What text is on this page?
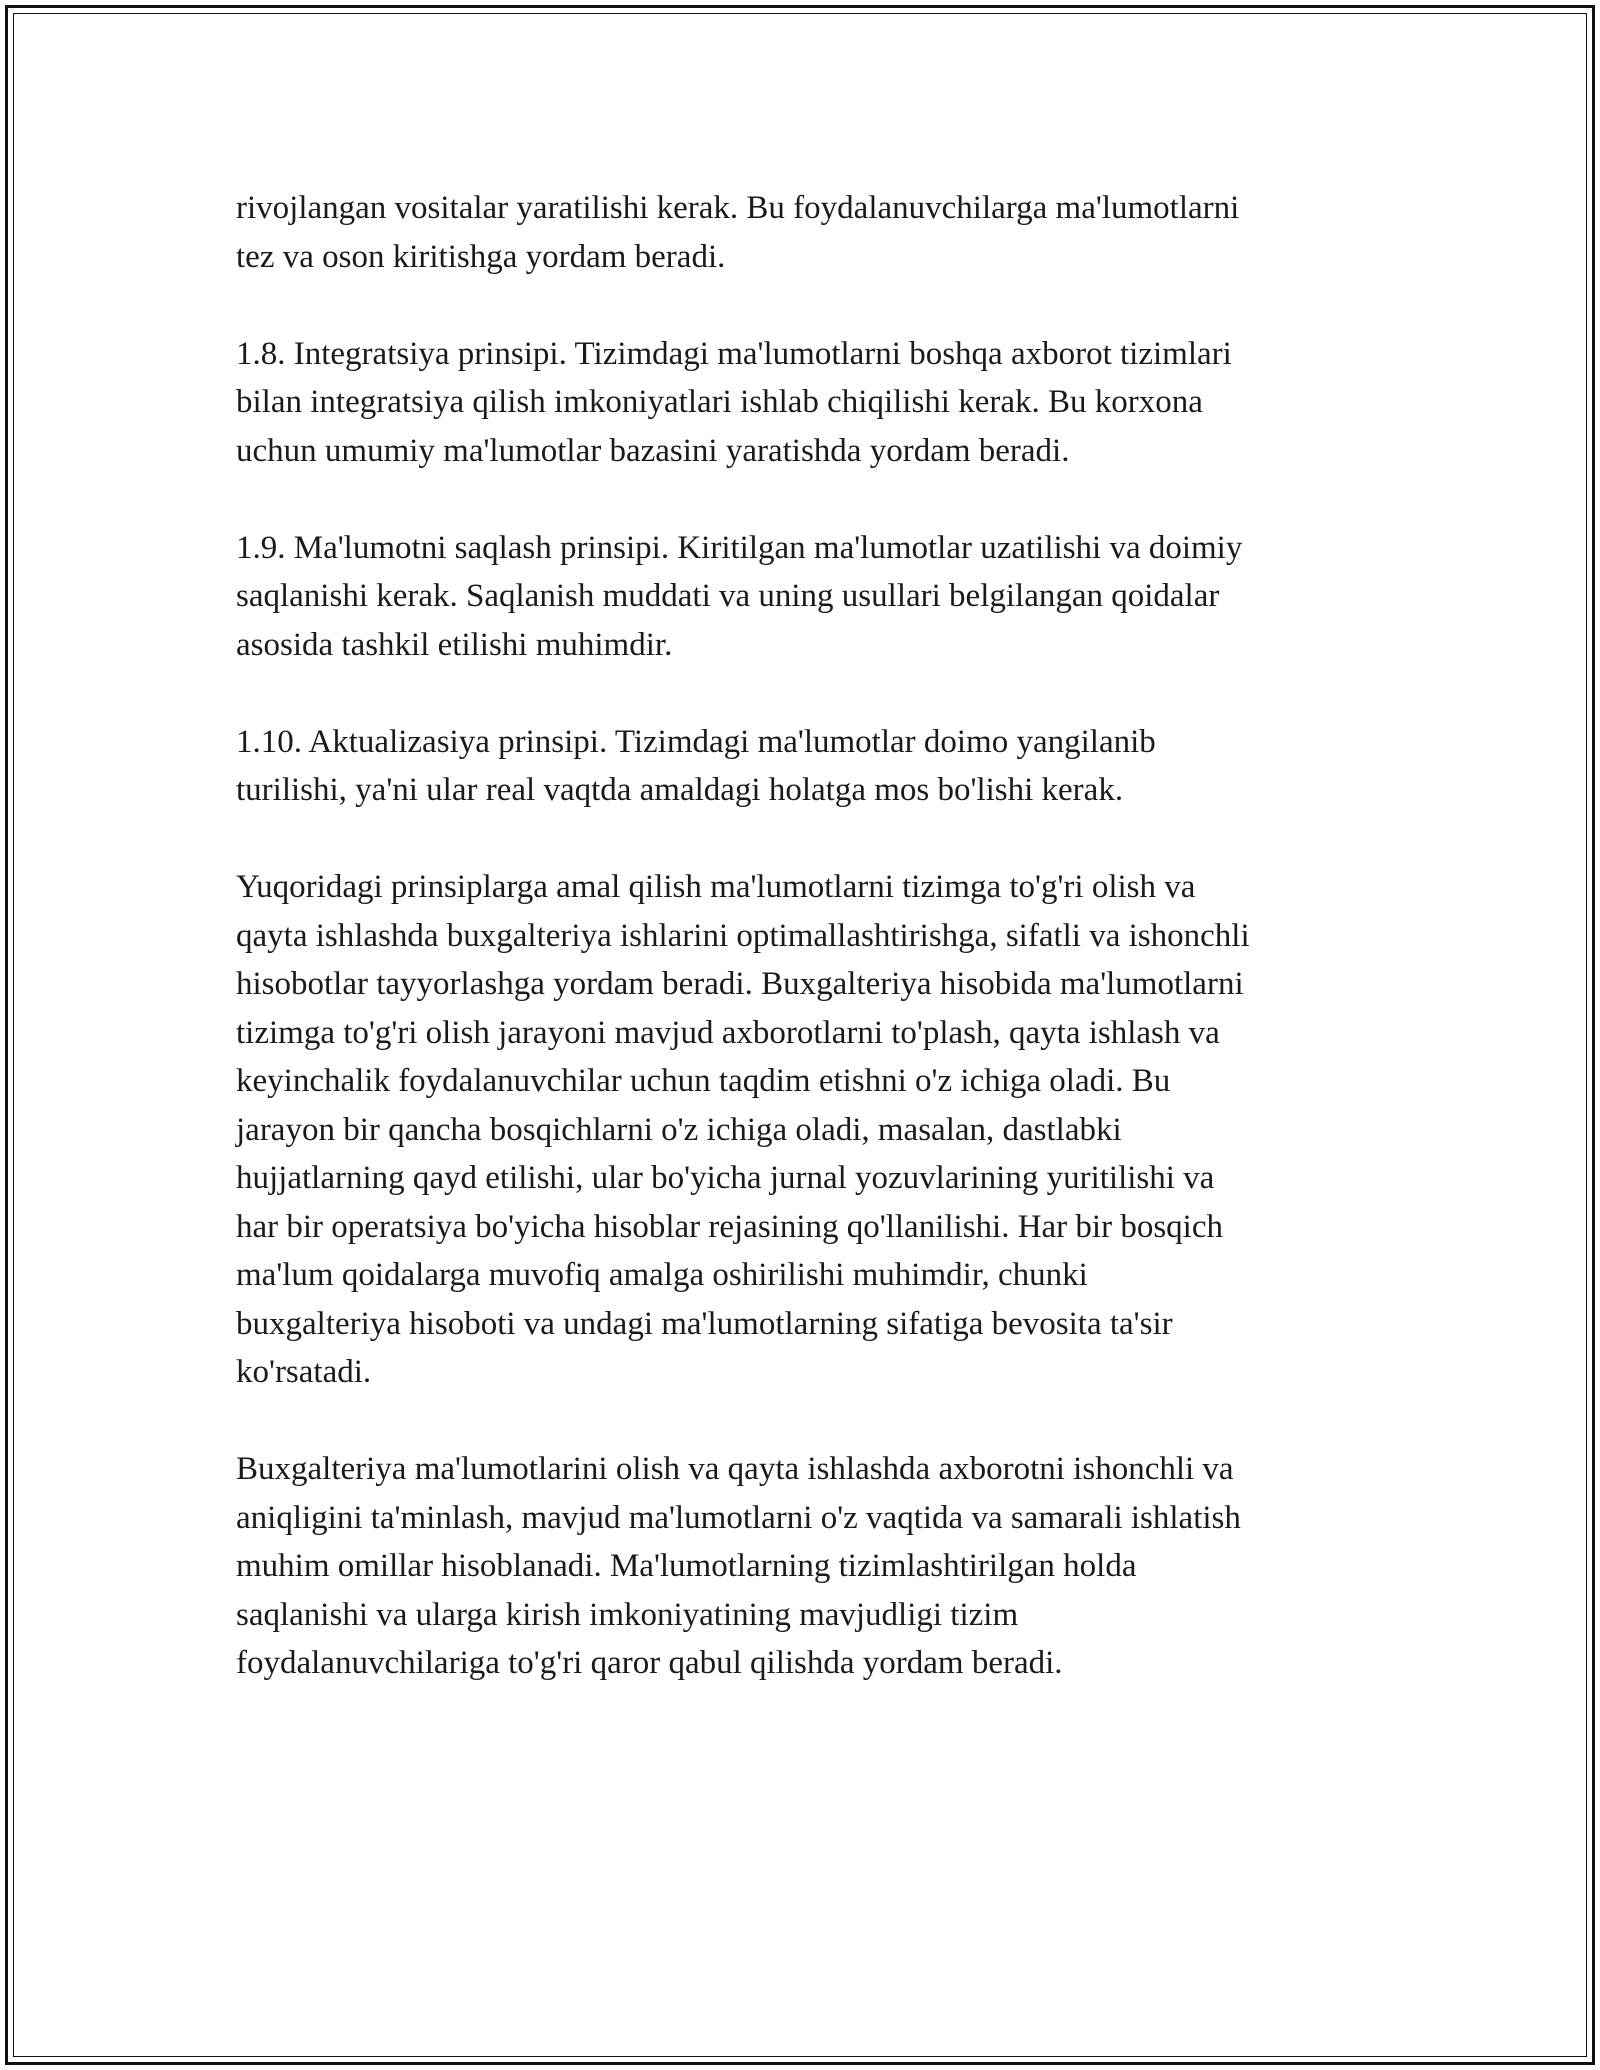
rivojlangan vositalar yaratilishi kerak. Bu foydalanuvchilarga ma'lumotlarni
tez va oson kiritishga yordam beradi.

1.8. Integratsiya prinsipi. Tizimdagi ma'lumotlarni boshqa axborot tizimlari
bilan integratsiya qilish imkoniyatlari ishlab chiqilishi kerak. Bu korxona
uchun umumiy ma'lumotlar bazasini yaratishda yordam beradi.

1.9. Ma'lumotni saqlash prinsipi. Kiritilgan ma'lumotlar uzatilishi va doimiy
saqlanishi kerak. Saqlanish muddati va uning usullari belgilangan qoidalar
asosida tashkil etilishi muhimdir.

1.10. Aktualizasiya prinsipi. Tizimdagi ma'lumotlar doimo yangilanib
turilishi, ya'ni ular real vaqtda amaldagi holatga mos bo'lishi kerak.

Yuqoridagi prinsiplarga amal qilish ma'lumotlarni tizimga to'g'ri olish va
qayta ishlashda buxgalteriya ishlarini optimallashtirishga, sifatli va ishonchli
hisobotlar tayyorlashga yordam beradi. Buxgalteriya hisobida ma'lumotlarni
tizimga to'g'ri olish jarayoni mavjud axborotlarni to'plash, qayta ishlash va
keyinchalik foydalanuvchilar uchun taqdim etishni o'z ichiga oladi. Bu
jarayon bir qancha bosqichlarni o'z ichiga oladi, masalan, dastlabki
hujjatlarning qayd etilishi, ular bo'yicha jurnal yozuvlarining yuritilishi va
har bir operatsiya bo'yicha hisoblar rejasining qo'llanilishi. Har bir bosqich
ma'lum qoidalarga muvofiq amalga oshirilishi muhimdir, chunki
buxgalteriya hisoboti va undagi ma'lumotlarning sifatiga bevosita ta'sir
ko'rsatadi.

Buxgalteriya ma'lumotlarini olish va qayta ishlashda axborotni ishonchli va
aniqligini ta'minlash, mavjud ma'lumotlarni o'z vaqtida va samarali ishlatish
muhim omillar hisoblanadi. Ma'lumotlarning tizimlashtirilgan holda
saqlanishi va ularga kirish imkoniyatining mavjudligi tizim
foydalanuvchilariga to'g'ri qaror qabul qilishda yordam beradi.
